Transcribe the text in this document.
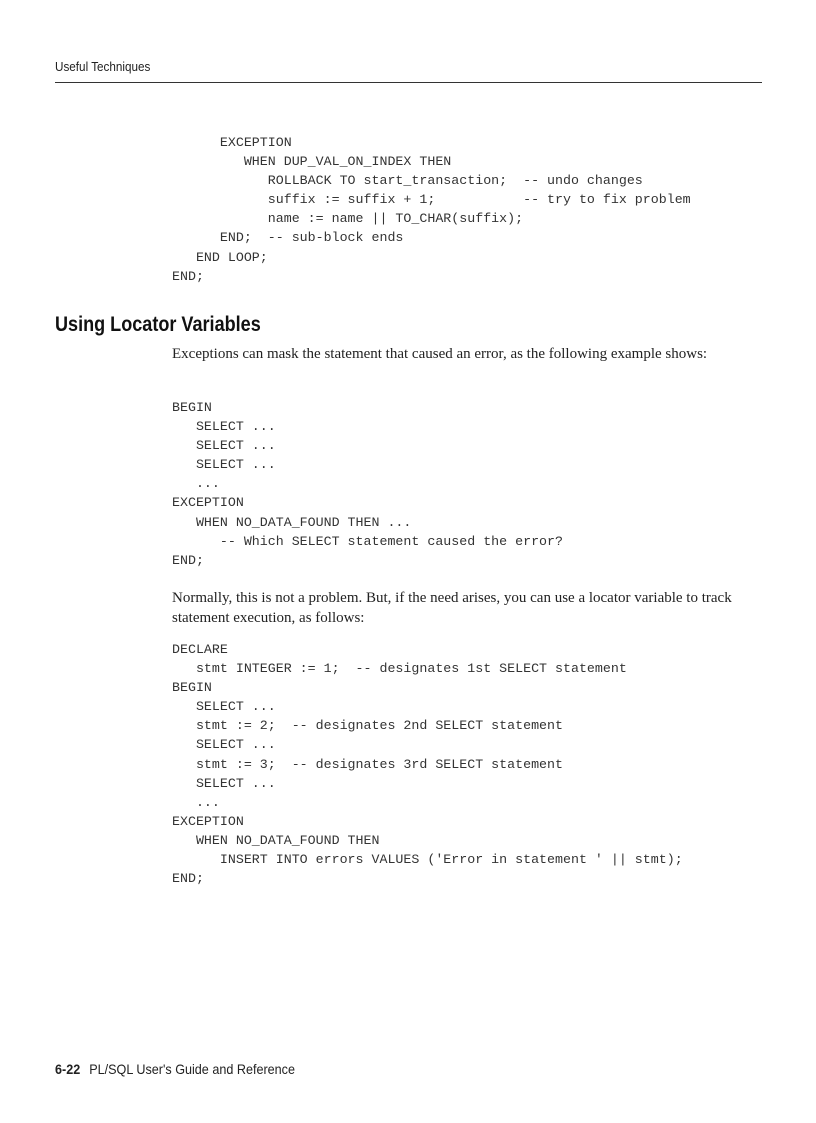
Useful Techniques
EXCEPTION
WHEN DUP_VAL_ON_INDEX THEN
ROLLBACK TO start_transaction;  -- undo changes
suffix := suffix + 1;           -- try to fix problem
name := name || TO_CHAR(suffix);
END;  -- sub-block ends
END LOOP;
END;
Using Locator Variables

Exceptions can mask the statement that caused an error, as the following example shows:

BEGIN
SELECT ...
SELECT ...
SELECT ...
...
EXCEPTION
WHEN NO_DATA_FOUND THEN ...
-- Which SELECT statement caused the error?
END;

Normally, this is not a problem. But, if the need arises, you can use a locator variable to track statement execution, as follows:

DECLARE
stmt INTEGER := 1;  -- designates 1st SELECT statement
BEGIN
SELECT ...
stmt := 2;  -- designates 2nd SELECT statement
SELECT ...
stmt := 3;  -- designates 3rd SELECT statement
SELECT ...
...
EXCEPTION
WHEN NO_DATA_FOUND THEN
INSERT INTO errors VALUES ('Error in statement ' || stmt);
END;
6-22 PL/SQL User's Guide and Reference
